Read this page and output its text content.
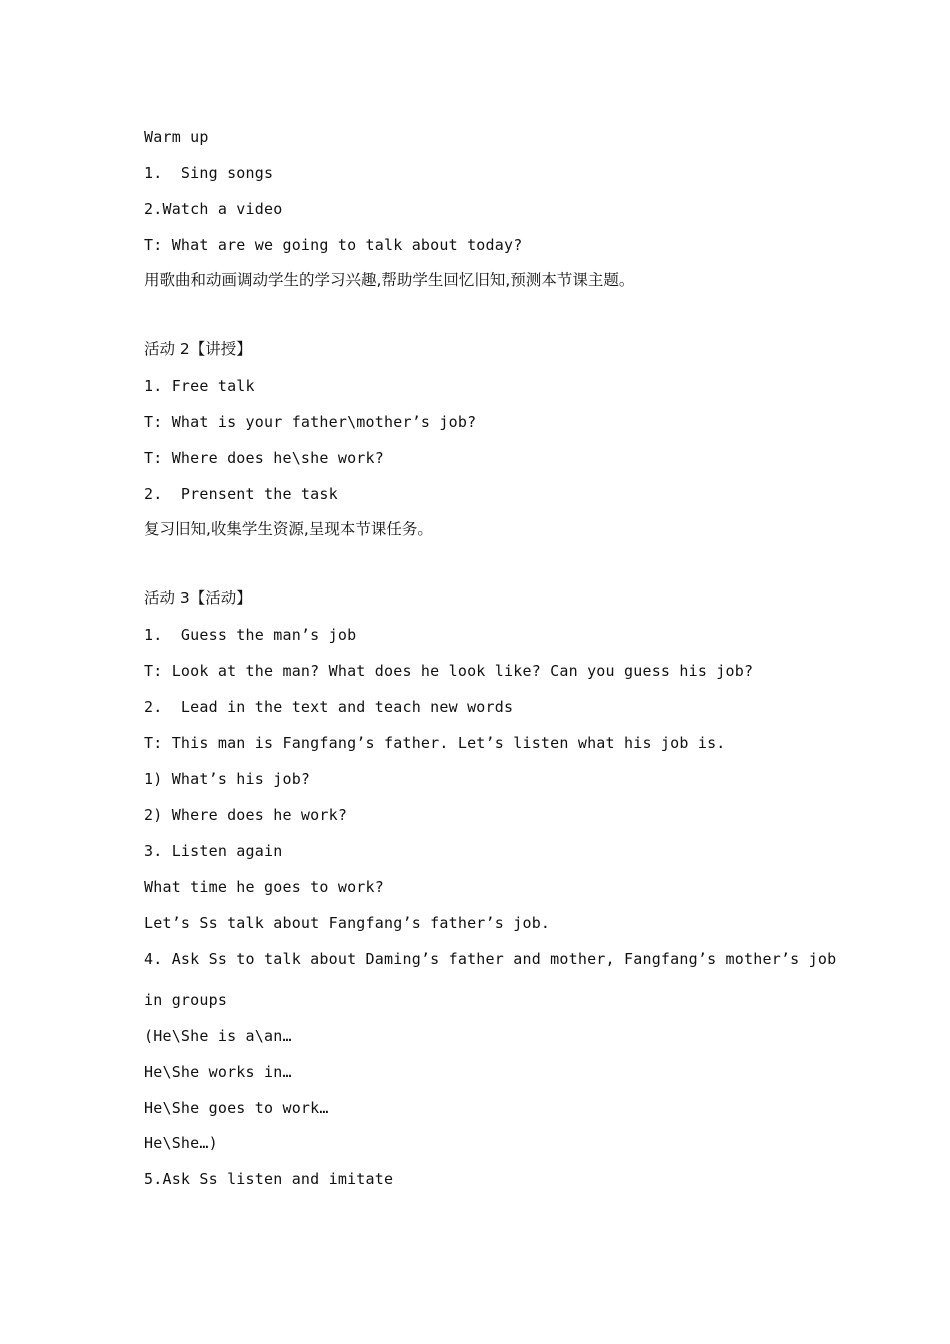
Warm up
1.  Sing songs
2.Watch a video
T: What are we going to talk about today?
用歌曲和动画调动学生的学习兴趣,帮助学生回忆旧知,预测本节课主题。
活动 2【讲授】
1. Free talk
T: What is your father\mother’s job?
T: Where does he\she work?
2.  Prensent the task
复习旧知,收集学生资源,呈现本节课任务。
活动 3【活动】
1.  Guess the man’s job
T: Look at the man? What does he look like? Can you guess his job?
2.  Lead in the text and teach new words
T: This man is Fangfang’s father. Let’s listen what his job is.
1) What’s his job?
2) Where does he work?
3. Listen again
What time he goes to work?
Let’s Ss talk about Fangfang’s father’s job.
4. Ask Ss to talk about Daming’s father and mother, Fangfang’s mother’s job
in groups
(He\She is a\an…
He\She works in…
He\She goes to work…
He\She…)
5.Ask Ss listen and imitate
